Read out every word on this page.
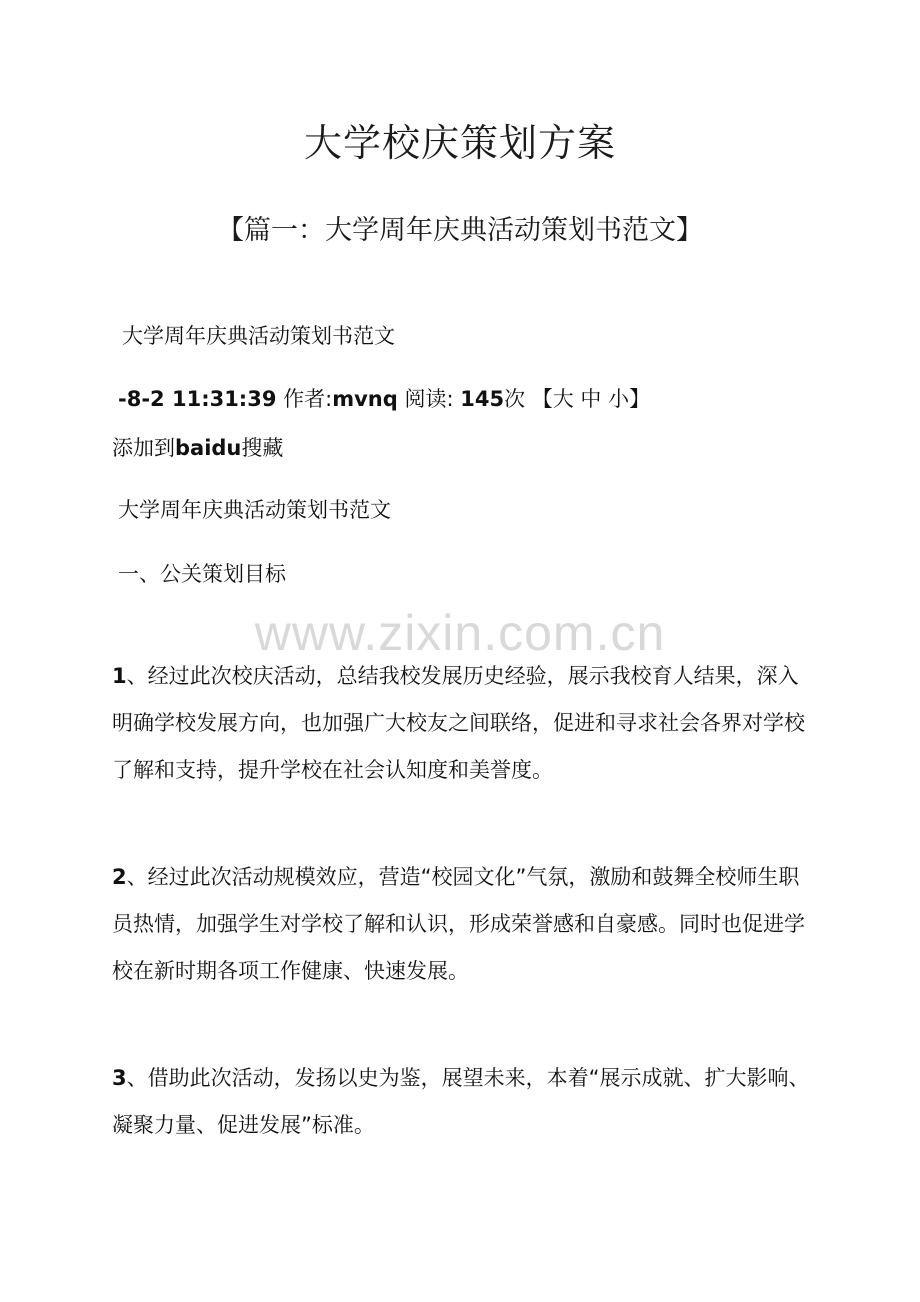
大学校庆策划方案
【篇一：大学周年庆典活动策划书范文】
大学周年庆典活动策划书范文
-8-2 11:31:39 作者:mvnq 阅读: 145次 【大 中 小】
添加到baidu搜藏
大学周年庆典活动策划书范文
一、公关策划目标
www.zixin.com.cn
1、经过此次校庆活动，总结我校发展历史经验，展示我校育人结果，深入明确学校发展方向，也加强广大校友之间联络，促进和寻求社会各界对学校了解和支持，提升学校在社会认知度和美誉度。
2、经过此次活动规模效应，营造“校园文化”气氛，激励和鼓舞全校师生职员热情，加强学生对学校了解和认识，形成荣誉感和自豪感。同时也促进学校在新时期各项工作健康、快速发展。
3、借助此次活动，发扬以史为鉴，展望未来，本着“展示成就、扩大影响、凝聚力量、促进发展”标准。
